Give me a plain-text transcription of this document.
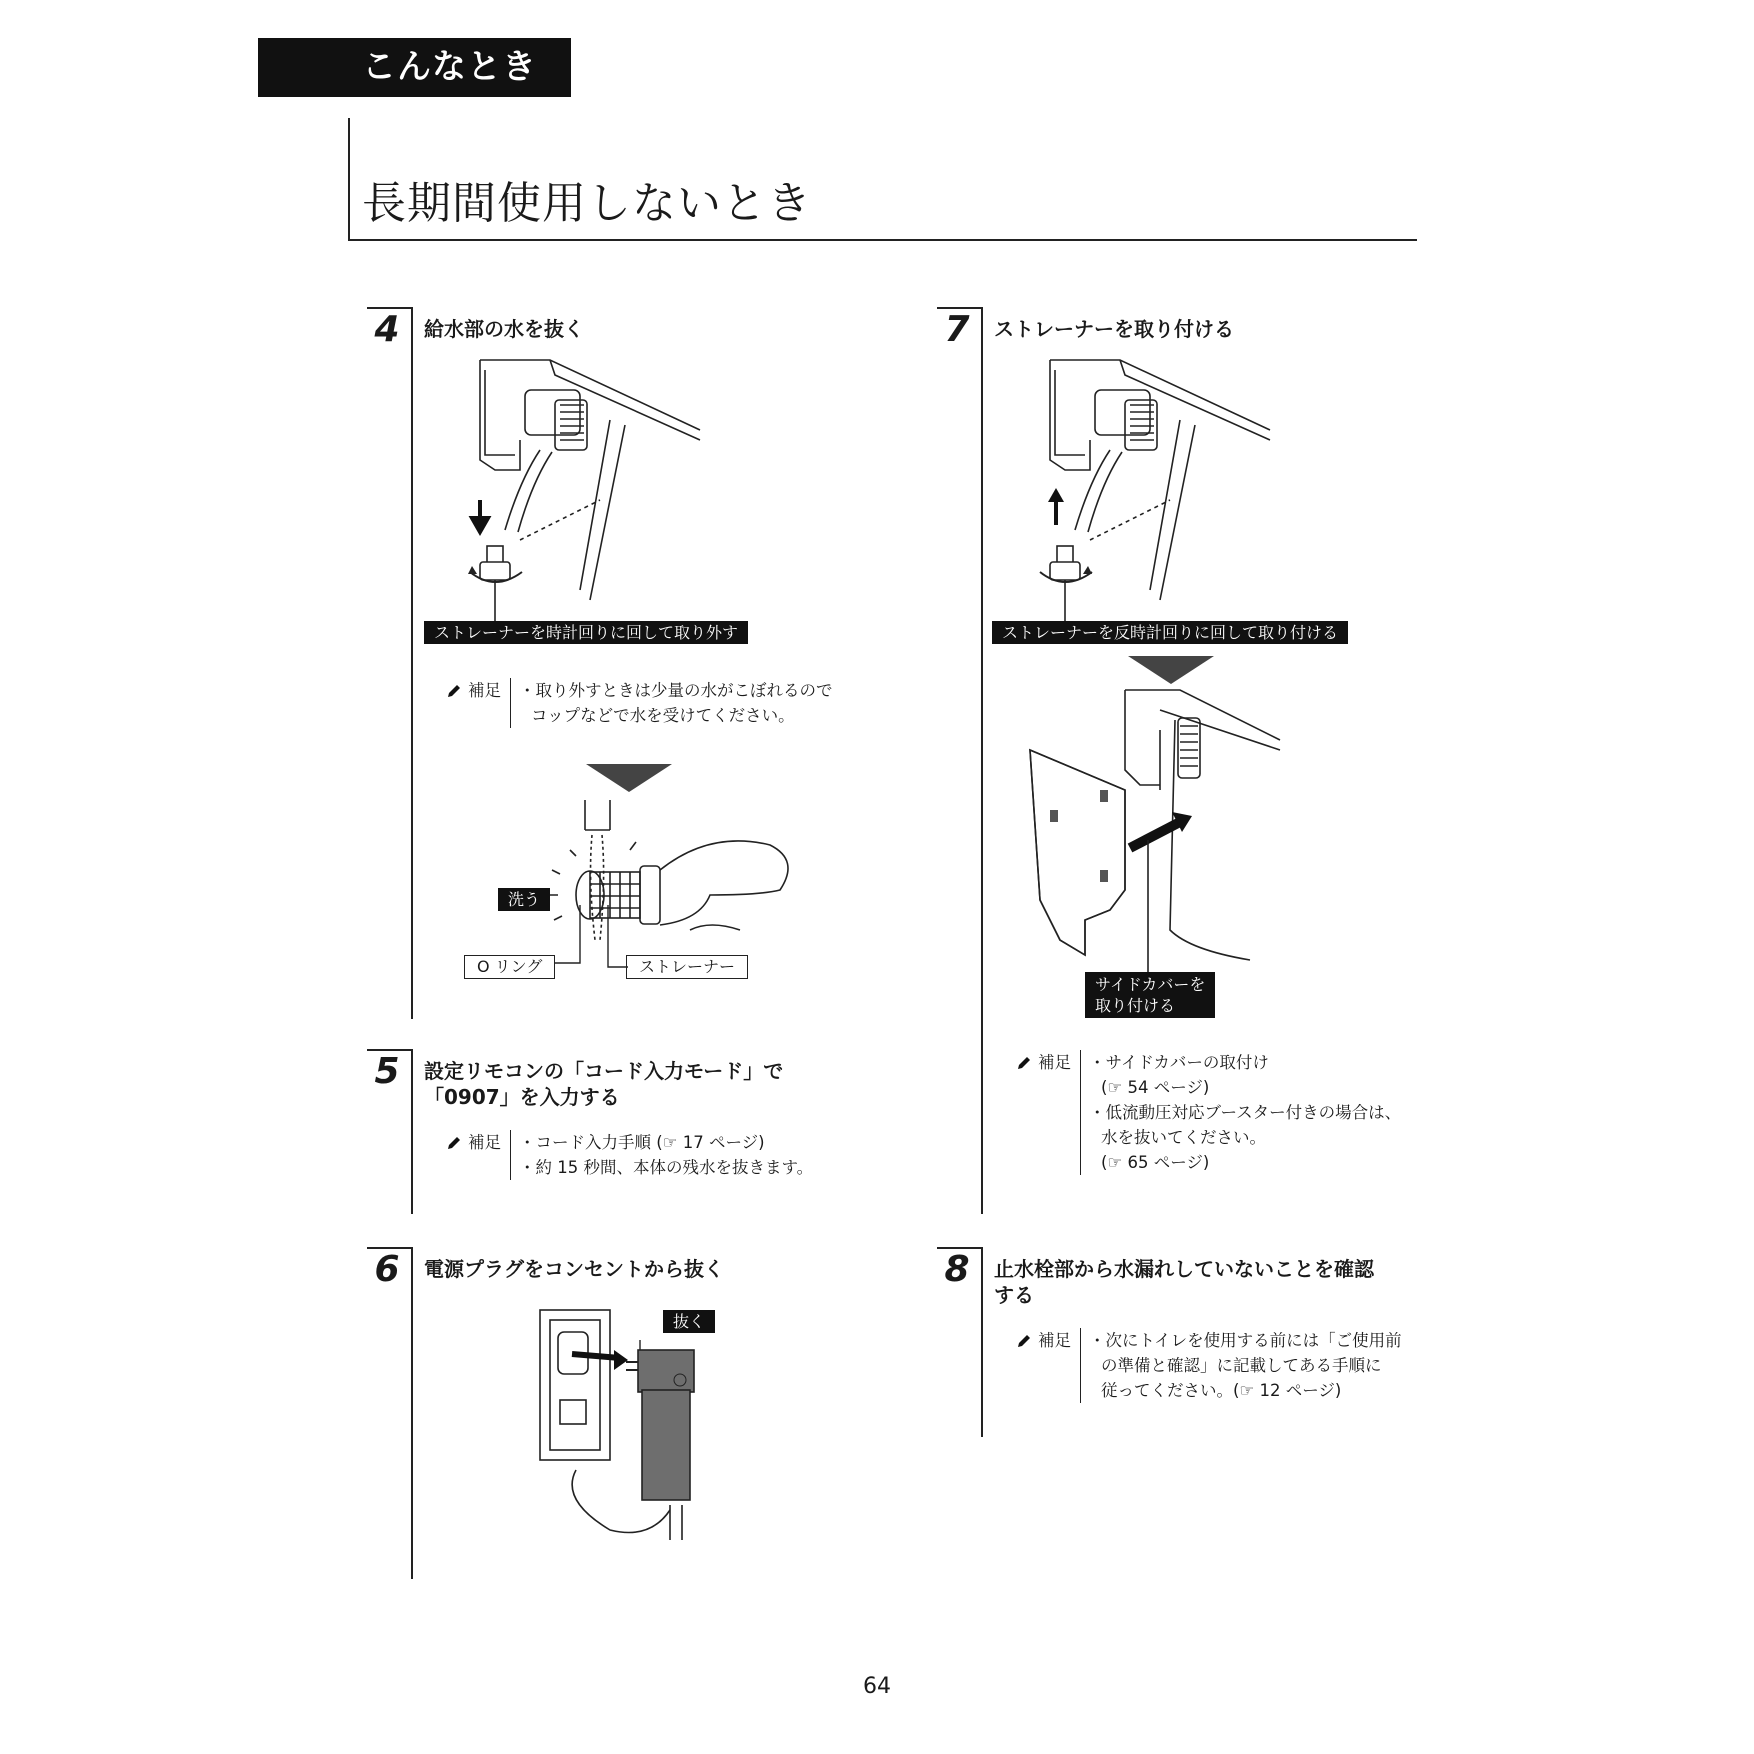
こんなときは
長期間使用しないとき
4	給水部の水を抜く
ストレーナーを時計回りに回して取り外す
補足 ・取り外すときは少量の水がこぼれるので
コップなどで水を受けてください。
洗う
O リング	ストレーナー
5	設定リモコンの「コード入力モード」で
「0907」を入力する
補足 ・コード入力手順 (☞ 17 ページ)
・約 15 秒間、本体の残水を抜きます。
6	電源プラグをコンセントから抜く
抜く
7	ストレーナーを取り付ける
ストレーナーを反時計回りに回して取り付ける
サイドカバーを
取り付ける
補足 ・サイドカバーの取付け
(☞ 54 ページ)
・低流動圧対応ブースター付きの場合は、
水を抜いてください。
(☞ 65 ページ)
8	止水栓部から水漏れしていないことを確認
する
補足 ・次にトイレを使用する前には「ご使用前
の準備と確認」に記載してある手順に
従ってください。(☞ 12 ページ)
64
